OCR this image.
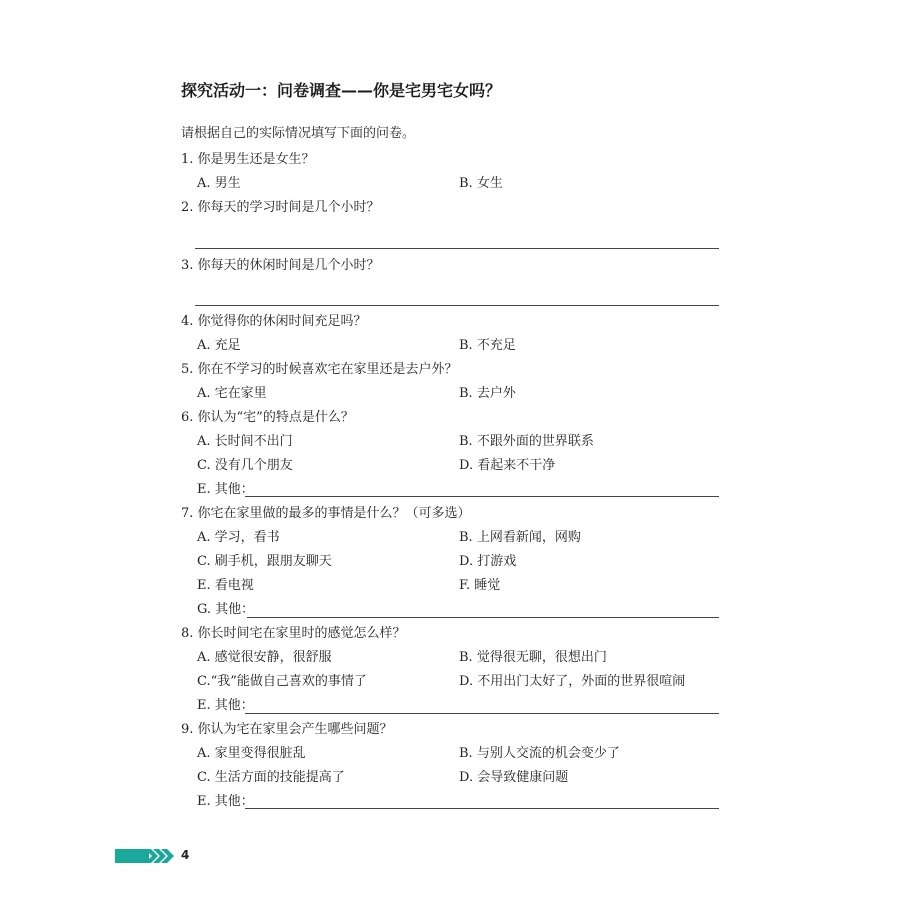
探究活动一：问卷调查——你是宅男宅女吗？
请根据自己的实际情况填写下面的问卷。
1. 你是男生还是女生？
A. 男生	B. 女生
2. 你每天的学习时间是几个小时？
3. 你每天的休闲时间是几个小时？
4. 你觉得你的休闲时间充足吗？
A. 充足	B. 不充足
5. 你在不学习的时候喜欢宅在家里还是去户外？
A. 宅在家里	B. 去户外
6. 你认为“宅”的特点是什么？
A. 长时间不出门	B. 不跟外面的世界联系
C. 没有几个朋友	D. 看起来不干净
E. 其他：
7. 你宅在家里做的最多的事情是什么？（可多选）
A. 学习，看书	B. 上网看新闻，网购
C. 刷手机，跟朋友聊天	D. 打游戏
E. 看电视	F. 睡觉
G. 其他：
8. 你长时间宅在家里时的感觉怎么样？
A. 感觉很安静，很舒服	B. 觉得很无聊，很想出门
C.“我”能做自己喜欢的事情了	D. 不用出门太好了，外面的世界很喧闹
E. 其他：
9. 你认为宅在家里会产生哪些问题？
A. 家里变得很脏乱	B. 与别人交流的机会变少了
C. 生活方面的技能提高了	D. 会导致健康问题
E. 其他：
4
